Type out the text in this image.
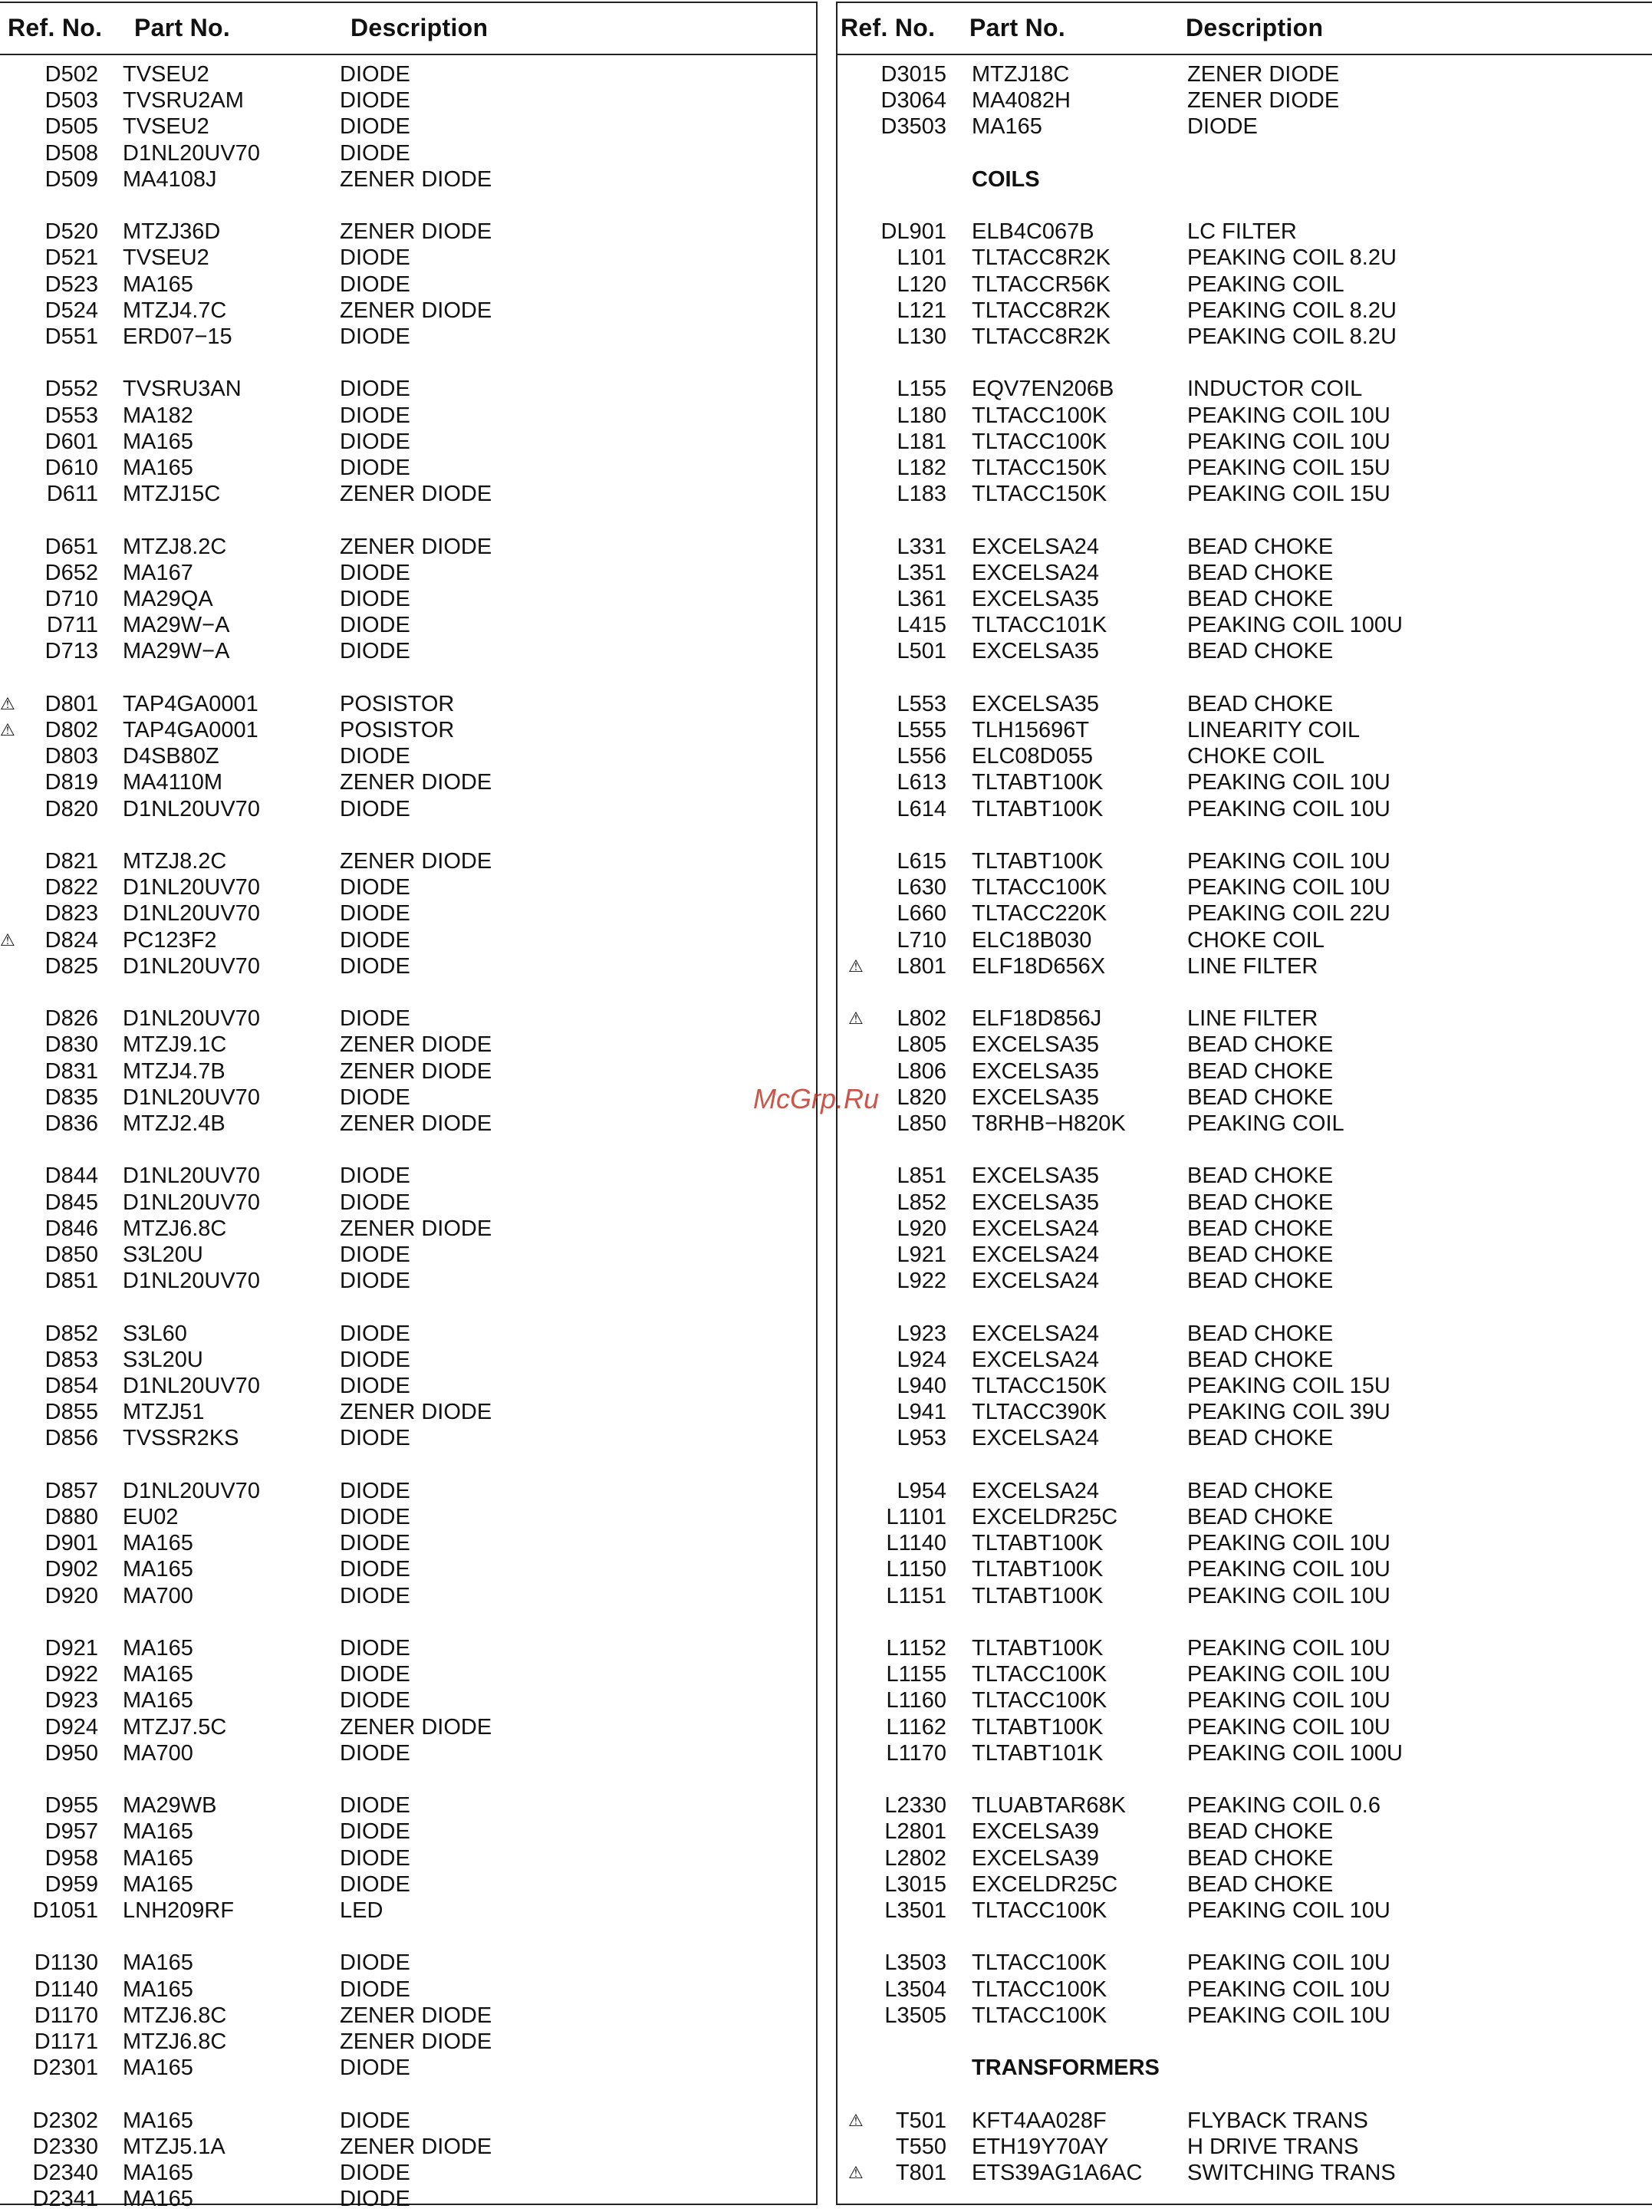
Ref. No. Part No.	Description
D502 TVSEU2	DIODE
D503 TVSRU2AM	DIODE
D505 TVSEU2	DIODE
D508 D1NL20UV70	DIODE
D509 MA4108J	ZENER DIODE
D520 MTZJ36D	ZENER DIODE
D521 TVSEU2	DIODE
D523 MA165	DIODE
D524 MTZJ4.7C	ZENER DIODE
D551 ERD07−15	DIODE
D552 TVSRU3AN	DIODE
D553 MA182	DIODE
D601 MA165	DIODE
D610 MA165	DIODE
D611 MTZJ15C	ZENER DIODE
D651 MTZJ8.2C	ZENER DIODE
D652 MA167	DIODE
D710 MA29QA	DIODE
D711 MA29W−A	DIODE
D713 MA29W−A	DIODE
⚠	D801 TAP4GA0001	POSISTOR
⚠	D802 TAP4GA0001	POSISTOR
D803 D4SB80Z	DIODE
D819 MA4110M	ZENER DIODE
D820 D1NL20UV70	DIODE
D821 MTZJ8.2C	ZENER DIODE
D822 D1NL20UV70	DIODE
D823 D1NL20UV70	DIODE
⚠	D824 PC123F2	DIODE
D825 D1NL20UV70	DIODE
D826 D1NL20UV70	DIODE
D830 MTZJ9.1C	ZENER DIODE
D831 MTZJ4.7B	ZENER DIODE
D835 D1NL20UV70	DIODE
D836 MTZJ2.4B	ZENER DIODE
D844 D1NL20UV70	DIODE
D845 D1NL20UV70	DIODE
D846 MTZJ6.8C	ZENER DIODE
D850 S3L20U	DIODE
D851 D1NL20UV70	DIODE
D852 S3L60	DIODE
D853 S3L20U	DIODE
D854 D1NL20UV70	DIODE
D855 MTZJ51	ZENER DIODE
D856 TVSSR2KS	DIODE
D857 D1NL20UV70	DIODE
D880 EU02	DIODE
D901 MA165	DIODE
D902 MA165	DIODE
D920 MA700	DIODE
D921 MA165	DIODE
D922 MA165	DIODE
D923 MA165	DIODE
D924 MTZJ7.5C	ZENER DIODE
D950 MA700	DIODE
D955 MA29WB	DIODE
D957 MA165	DIODE
D958 MA165	DIODE
D959 MA165	DIODE
D1051 LNH209RF	LED
D1130 MA165	DIODE
D1140 MA165	DIODE
D1170 MTZJ6.8C	ZENER DIODE
D1171 MTZJ6.8C	ZENER DIODE
D2301 MA165	DIODE
D2302 MA165	DIODE
D2330 MTZJ5.1A	ZENER DIODE
D2340 MA165	DIODE
D2341 MA165	DIODE
Ref. No. Part No.	Description
D3015 MTZJ18C	ZENER DIODE
D3064 MA4082H	ZENER DIODE
D3503 MA165	DIODE
COILS
DL901 ELB4C067B	LC FILTER
L101 TLTACC8R2K	PEAKING COIL 8.2U
L120 TLTACCR56K	PEAKING COIL
L121 TLTACC8R2K	PEAKING COIL 8.2U
L130 TLTACC8R2K	PEAKING COIL 8.2U
L155 EQV7EN206B	INDUCTOR COIL
L180 TLTACC100K	PEAKING COIL 10U
L181 TLTACC100K	PEAKING COIL 10U
L182 TLTACC150K	PEAKING COIL 15U
L183 TLTACC150K	PEAKING COIL 15U
L331 EXCELSA24	BEAD CHOKE
L351 EXCELSA24	BEAD CHOKE
L361 EXCELSA35	BEAD CHOKE
L415 TLTACC101K	PEAKING COIL 100U
L501 EXCELSA35	BEAD CHOKE
L553 EXCELSA35	BEAD CHOKE
L555 TLH15696T	LINEARITY COIL
L556 ELC08D055	CHOKE COIL
L613 TLTABT100K	PEAKING COIL 10U
L614 TLTABT100K	PEAKING COIL 10U
L615 TLTABT100K	PEAKING COIL 10U
L630 TLTACC100K	PEAKING COIL 10U
L660 TLTACC220K	PEAKING COIL 22U
L710 ELC18B030	CHOKE COIL
⚠	L801 ELF18D656X	LINE FILTER
⚠	L802 ELF18D856J	LINE FILTER
L805 EXCELSA35	BEAD CHOKE
L806 EXCELSA35	BEAD CHOKE
L820 EXCELSA35	BEAD CHOKE
L850 T8RHB−H820K	PEAKING COIL
L851 EXCELSA35	BEAD CHOKE
L852 EXCELSA35	BEAD CHOKE
L920 EXCELSA24	BEAD CHOKE
L921 EXCELSA24	BEAD CHOKE
L922 EXCELSA24	BEAD CHOKE
L923 EXCELSA24	BEAD CHOKE
L924 EXCELSA24	BEAD CHOKE
L940 TLTACC150K	PEAKING COIL 15U
L941 TLTACC390K	PEAKING COIL 39U
L953 EXCELSA24	BEAD CHOKE
L954 EXCELSA24	BEAD CHOKE
L1101 EXCELDR25C	BEAD CHOKE
L1140 TLTABT100K	PEAKING COIL 10U
L1150 TLTABT100K	PEAKING COIL 10U
L1151 TLTABT100K	PEAKING COIL 10U
L1152 TLTABT100K	PEAKING COIL 10U
L1155 TLTACC100K	PEAKING COIL 10U
L1160 TLTACC100K	PEAKING COIL 10U
L1162 TLTABT100K	PEAKING COIL 10U
L1170 TLTABT101K	PEAKING COIL 100U
L2330 TLUABTAR68K	PEAKING COIL 0.6
L2801 EXCELSA39	BEAD CHOKE
L2802 EXCELSA39	BEAD CHOKE
L3015 EXCELDR25C	BEAD CHOKE
L3501 TLTACC100K	PEAKING COIL 10U
L3503 TLTACC100K	PEAKING COIL 10U
L3504 TLTACC100K	PEAKING COIL 10U
L3505 TLTACC100K	PEAKING COIL 10U
TRANSFORMERS
⚠	T501 KFT4AA028F	FLYBACK TRANS
T550 ETH19Y70AY	H DRIVE TRANS
⚠	T801 ETS39AG1A6AC SWITCHING TRANS
McGrp.Ru
